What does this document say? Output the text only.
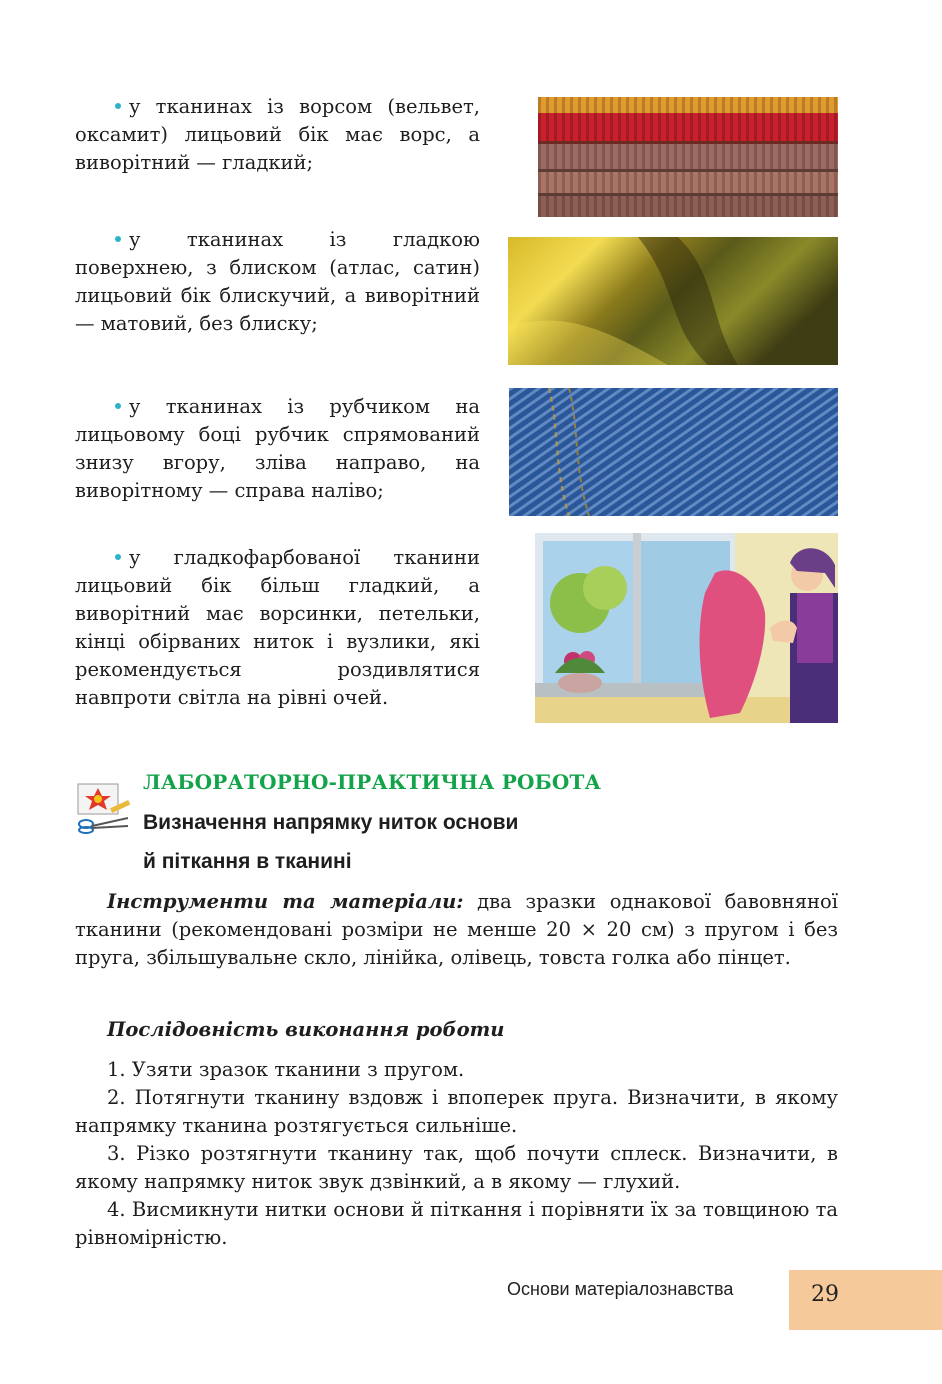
у тканинах із ворсом (вельвет, оксамит) лицьовий бік має ворс, а виворітний — гладкий;

у тканинах із гладкою поверхнею, з блиском (атлас, сатин) лицьовий бік блискучий, а виворітний — матовий, без блиску;

у тканинах із рубчиком на лицьовому боці рубчик спрямований знизу вгору, зліва направо, на виворітному — справа наліво;

у гладкофарбованої тканини лицьовий бік більш гладкий, а виворітний має ворсинки, петельки, кінці обірваних ниток і вузлики, які рекомендується роздивлятися навпроти світла на рівні очей.

ЛАБОРАТОРНО-ПРАКТИЧНА РОБОТА
Визначення напрямку ниток основи
й піткання в тканині

Інструменти та матеріали: два зразки однакової бавовняної тканини (рекомендовані розміри не менше 20 × 20 см) з пругом і без пруга, збільшувальне скло, лінійка, олівець, товста голка або пінцет.

Послідовність виконання роботи

1. Узяти зразок тканини з пругом.

2. Потягнути тканину вздовж і впоперек пруга. Визначити, в якому напрямку тканина розтягується сильніше.

3. Різко розтягнути тканину так, щоб почути сплеск. Визначити, в якому напрямку ниток звук дзвінкий, а в якому — глухий.

4. Висмикнути нитки основи й піткання і порівняти їх за товщиною та рівномірністю.

Основи матеріалознавства	29
